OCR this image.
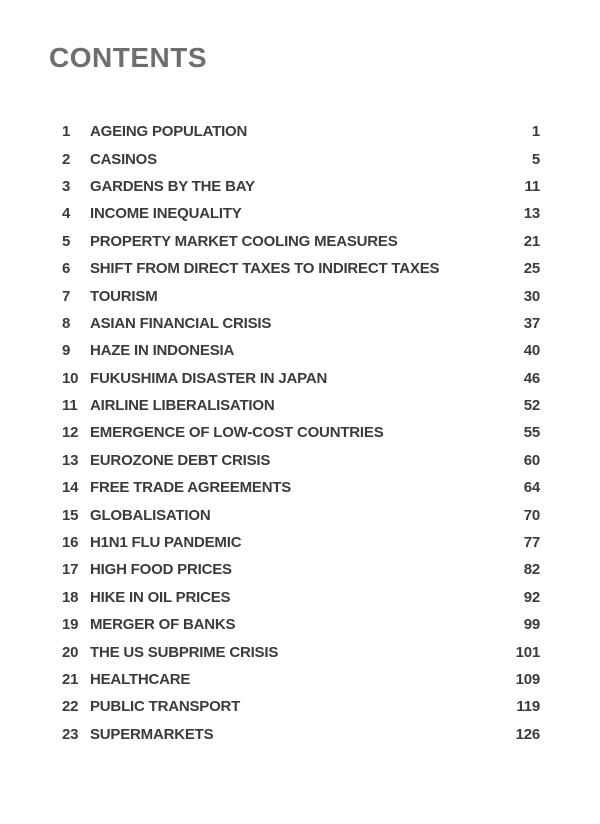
CONTENTS
1	AGEING POPULATION	1
2	CASINOS	5
3	GARDENS BY THE BAY	11
4	INCOME INEQUALITY	13
5	PROPERTY MARKET COOLING MEASURES	21
6	SHIFT FROM DIRECT TAXES TO INDIRECT TAXES	25
7	TOURISM	30
8	ASIAN FINANCIAL CRISIS	37
9	HAZE IN INDONESIA	40
10 FUKUSHIMA DISASTER IN JAPAN	46
11 AIRLINE LIBERALISATION	52
12 EMERGENCE OF LOW-COST COUNTRIES	55
13 EUROZONE DEBT CRISIS	60
14 FREE TRADE AGREEMENTS	64
15 GLOBALISATION	70
16 H1N1 FLU PANDEMIC	77
17 HIGH FOOD PRICES	82
18 HIKE IN OIL PRICES	92
19 MERGER OF BANKS	99
20 THE US SUBPRIME CRISIS	101
21 HEALTHCARE	109
22 PUBLIC TRANSPORT	119
23 SUPERMARKETS	126
